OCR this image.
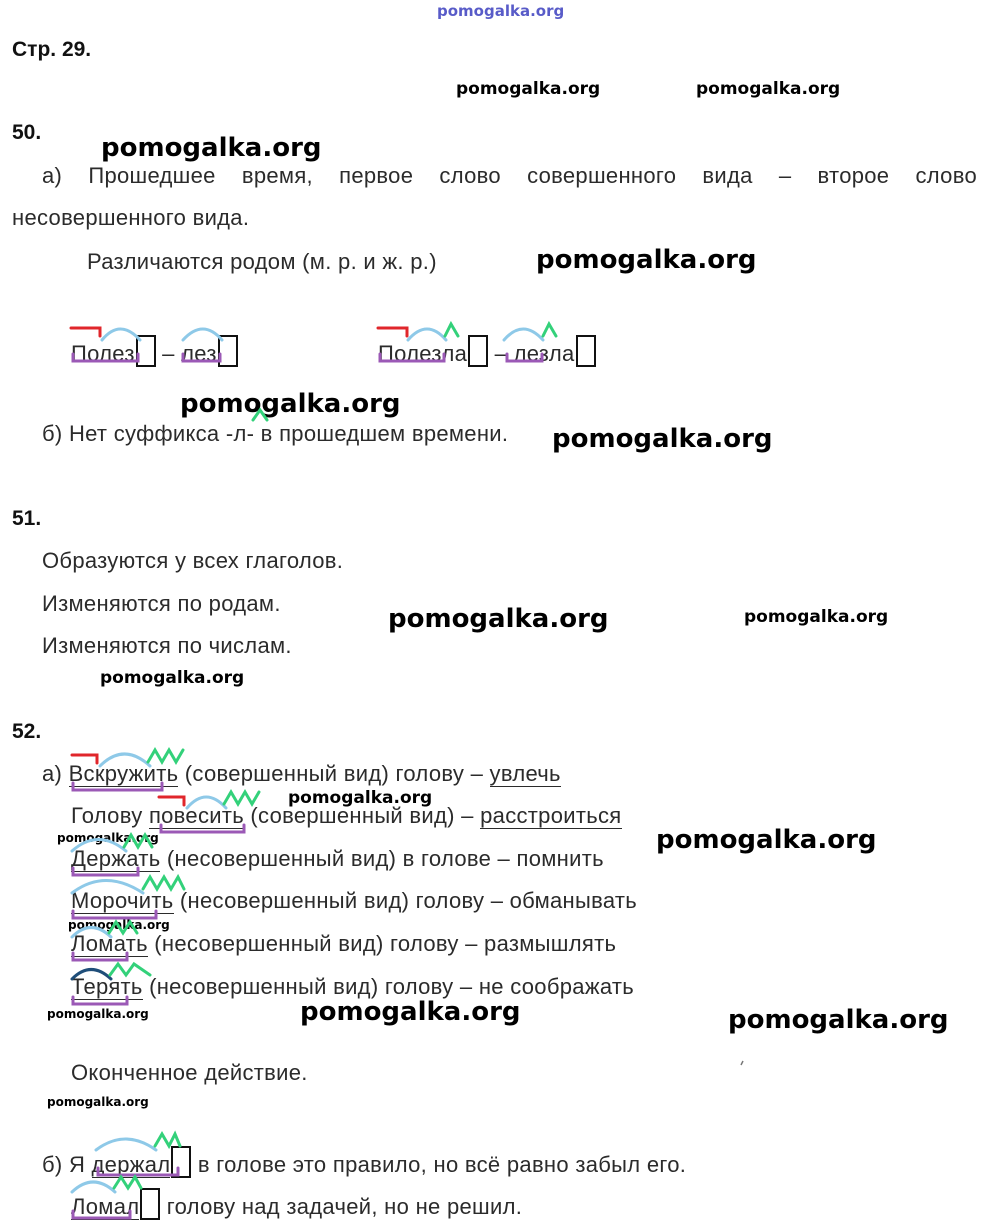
pomogalka.org
pomogalka.org	pomogalka.org
pomogalka.org
pomogalka.org
pomogalka.org
pomogalka.org
pomogalka.org	pomogalka.org
pomogalka.org
pomogalka.org
pomogalka.org	pomogalka.org
pomogalka.org
pomogalka.org	pomogalka.org	pomogalka.org
pomogalka.org
Стр. 29.
50.
а) Прошедшее время, первое слово совершенного вида – второе слово
несовершенного вида.
Различаются родом (м. р. и ж. р.)
Полез – лез	Полезла – лезла
б) Нет суффикса -л- в прошедшем времени.
51.
Образуются у всех глаголов.
Изменяются по родам.
Изменяются по числам.
52.
а) Вскружить (совершенный вид) голову – увлечь
Голову повесить (совершенный вид) – расстроиться
Держать (несовершенный вид) в голове – помнить
Морочить (несовершенный вид) голову – обманывать
Ломать (несовершенный вид) голову – размышлять
Терять (несовершенный вид) голову – не соображать
Оконченное действие.
б) Я держал в голове это правило, но всё равно забыл его.
Ломал голову над задачей, но не решил.
